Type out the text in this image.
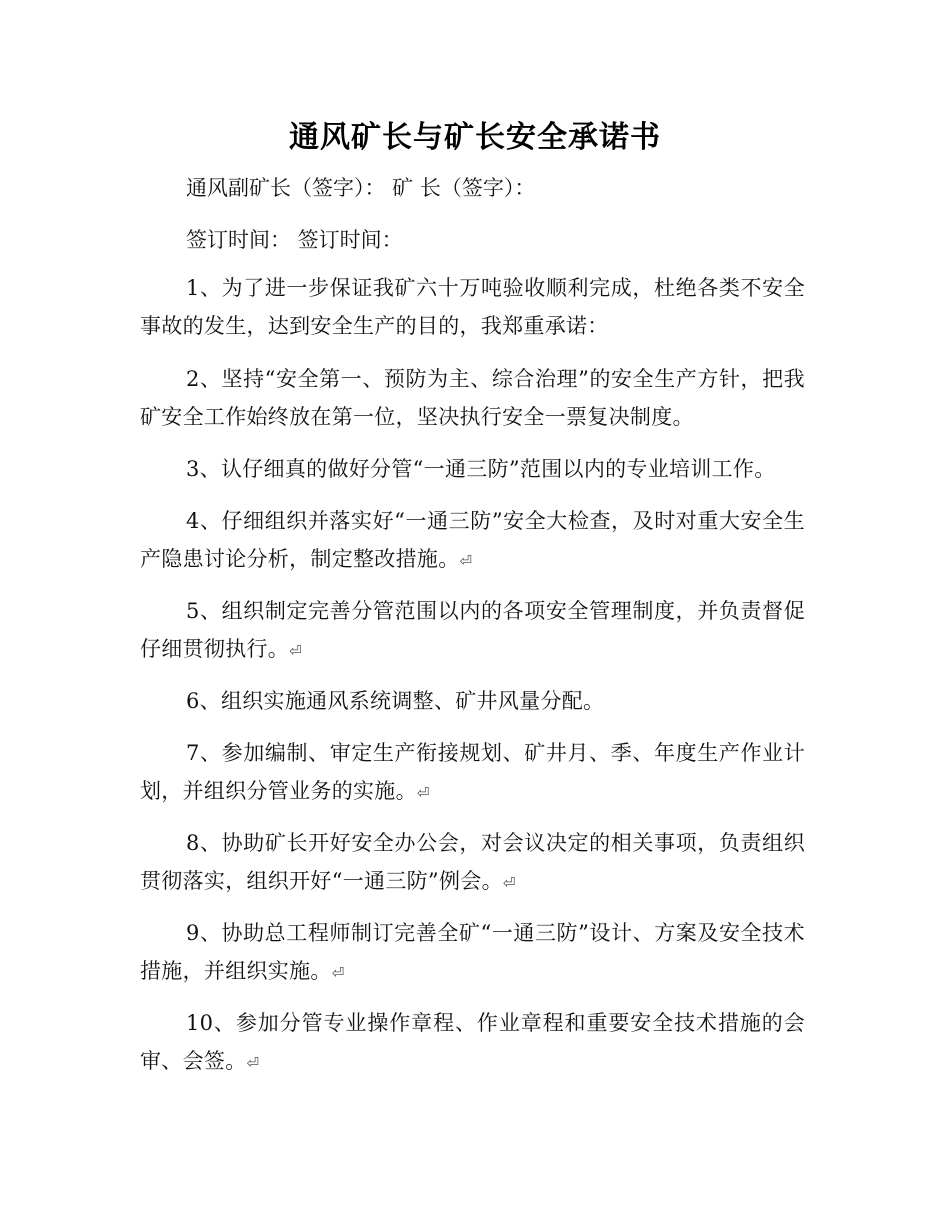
通风矿长与矿长安全承诺书
通风副矿长（签字）： 矿 长（签字）：
签订时间： 签订时间：
1、为了进一步保证我矿六十万吨验收顺利完成，杜绝各类不安全事故的发生，达到安全生产的目的，我郑重承诺：
2、坚持“安全第一、预防为主、综合治理”的安全生产方针，把我矿安全工作始终放在第一位，坚决执行安全一票复决制度。
3、认仔细真的做好分管“一通三防”范围以内的专业培训工作。
4、仔细组织并落实好“一通三防”安全大检查，及时对重大安全生产隐患讨论分析，制定整改措施。⏎
5、组织制定完善分管范围以内的各项安全管理制度，并负责督促仔细贯彻执行。⏎
6、组织实施通风系统调整、矿井风量分配。
7、参加编制、审定生产衔接规划、矿井月、季、年度生产作业计划，并组织分管业务的实施。⏎
8、协助矿长开好安全办公会，对会议决定的相关事项，负责组织贯彻落实，组织开好“一通三防”例会。⏎
9、协助总工程师制订完善全矿“一通三防”设计、方案及安全技术措施，并组织实施。⏎
10、参加分管专业操作章程、作业章程和重要安全技术措施的会审、会签。⏎
